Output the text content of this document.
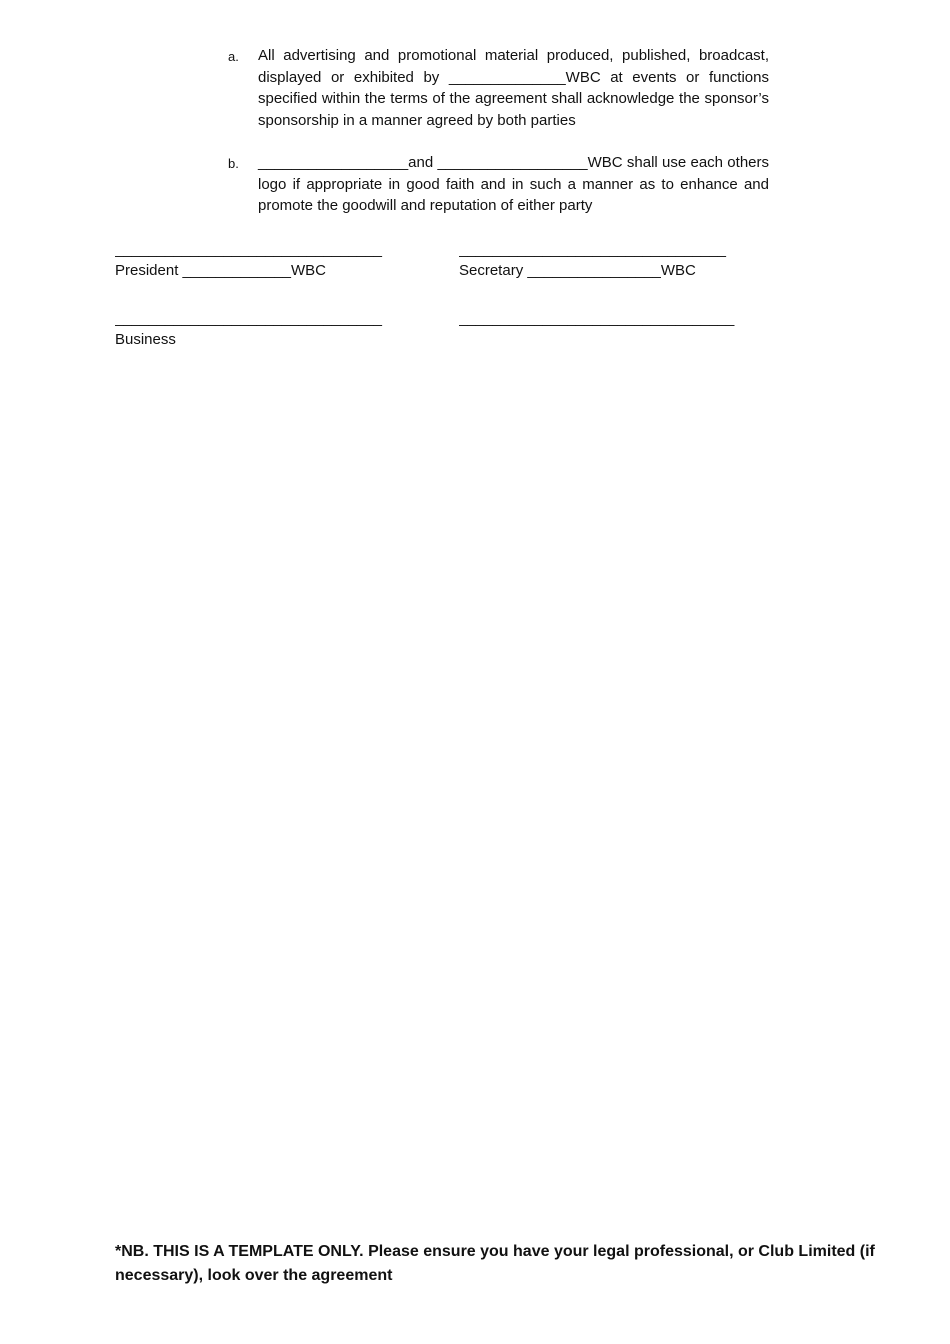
a. All advertising and promotional material produced, published, broadcast, displayed or exhibited by ______________WBC at events or functions specified within the terms of the agreement shall acknowledge the sponsor’s sponsorship in a manner agreed by both parties
b. __________________and __________________WBC shall use each others logo if appropriate in good faith and in such a manner as to enhance and promote the goodwill and reputation of either party
________________________________	________________________________
President _____________WBC	Secretary ________________WBC
________________________________	_________________________________
Business
*NB. THIS IS A TEMPLATE ONLY. Please ensure you have your legal professional, or Club Limited (if necessary), look over the agreement
